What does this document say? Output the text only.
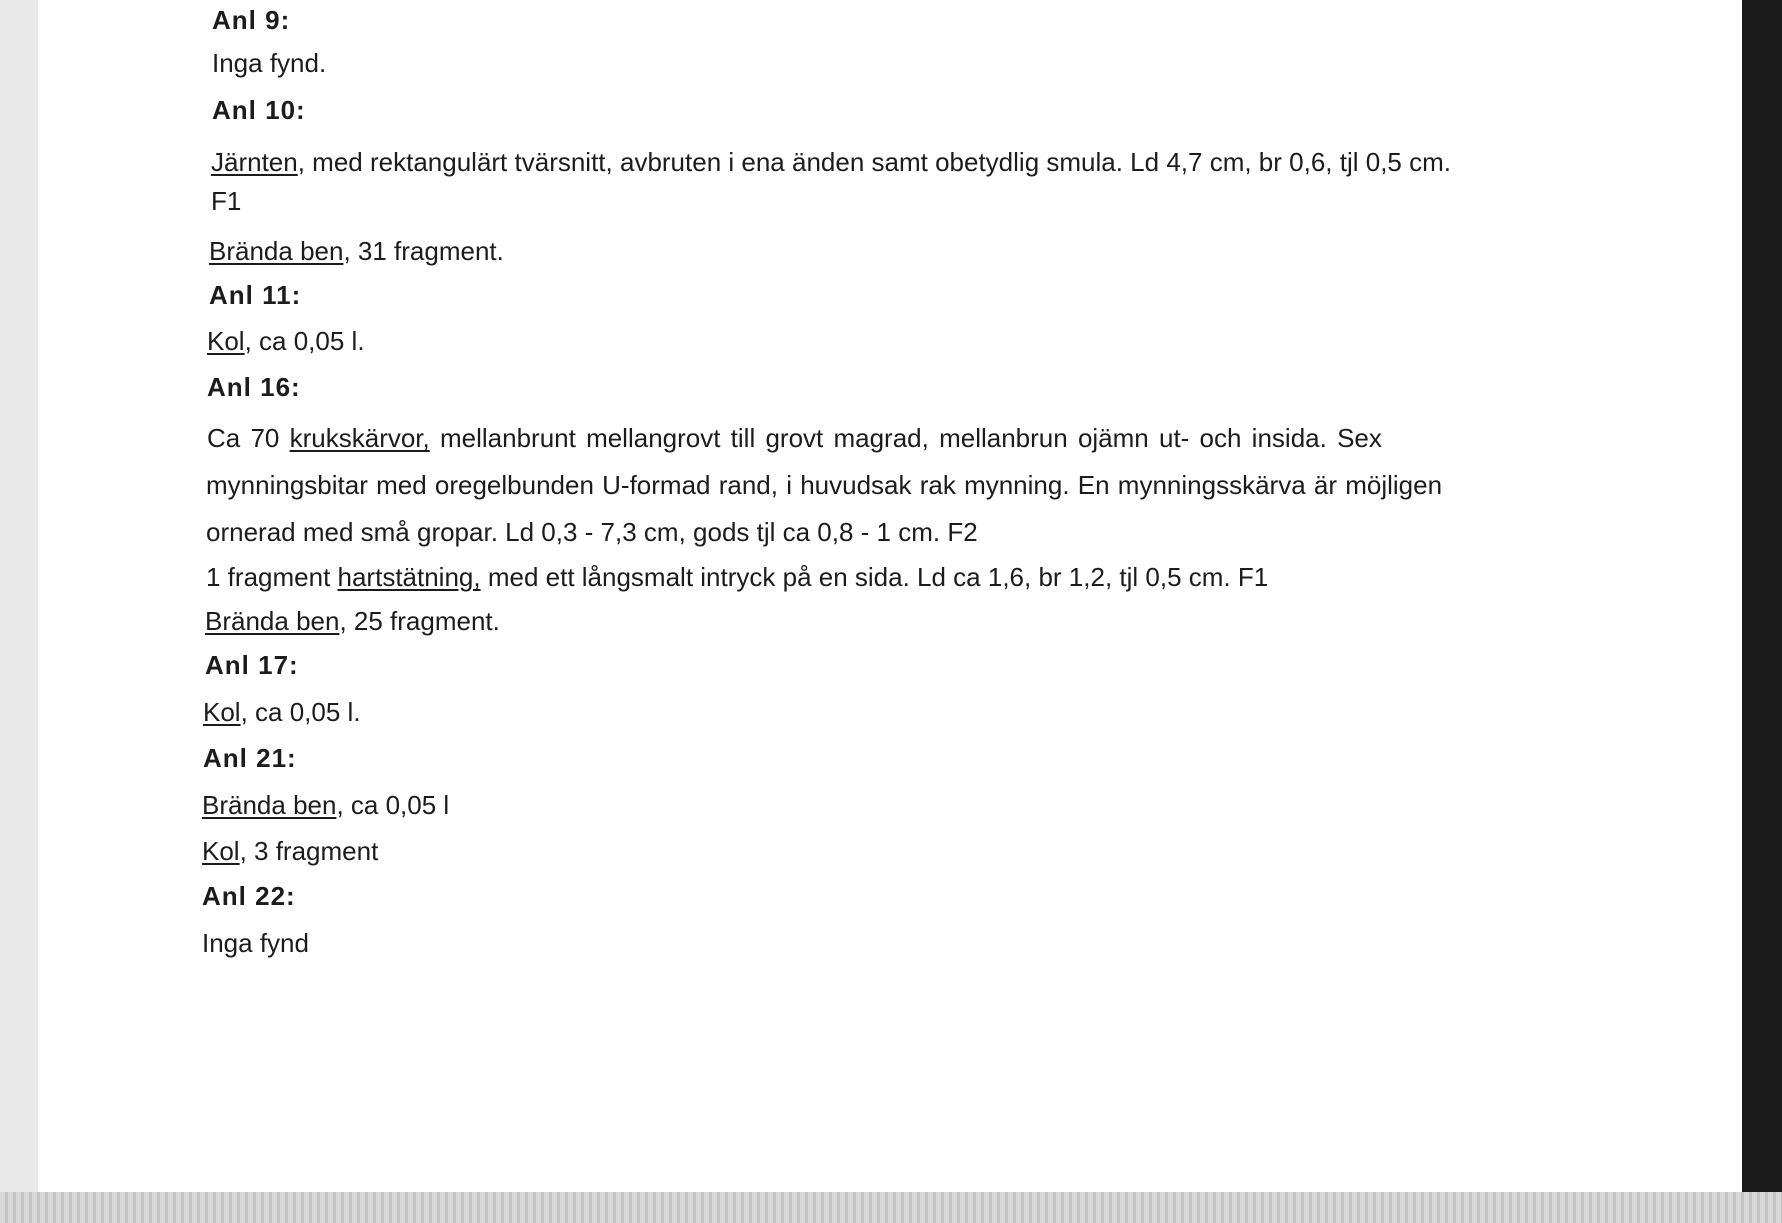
Anl 9:
Inga fynd.
Anl 10:
Järnten, med rektangulärt tvärsnitt, avbruten i ena änden samt obetydlig smula. Ld 4,7 cm, br 0,6, tjl 0,5 cm.
F1
Brända ben, 31 fragment.
Anl 11:
Kol, ca 0,05 l.
Anl 16:
Ca 70 krukskärvor, mellanbrunt mellangrovt till grovt magrad, mellanbrun ojämn ut- och insida. Sex
mynningsbitar med oregelbunden U-formad rand, i huvudsak rak mynning. En mynningsskärva är möjligen
ornerad med små gropar. Ld 0,3 - 7,3 cm, gods tjl ca 0,8 - 1 cm. F2
1 fragment hartstätning, med ett långsmalt intryck på en sida. Ld ca 1,6, br 1,2, tjl 0,5 cm. F1
Brända ben, 25 fragment.
Anl 17:
Kol, ca 0,05 l.
Anl 21:
Brända ben, ca 0,05 l
Kol, 3 fragment
Anl 22:
Inga fynd
